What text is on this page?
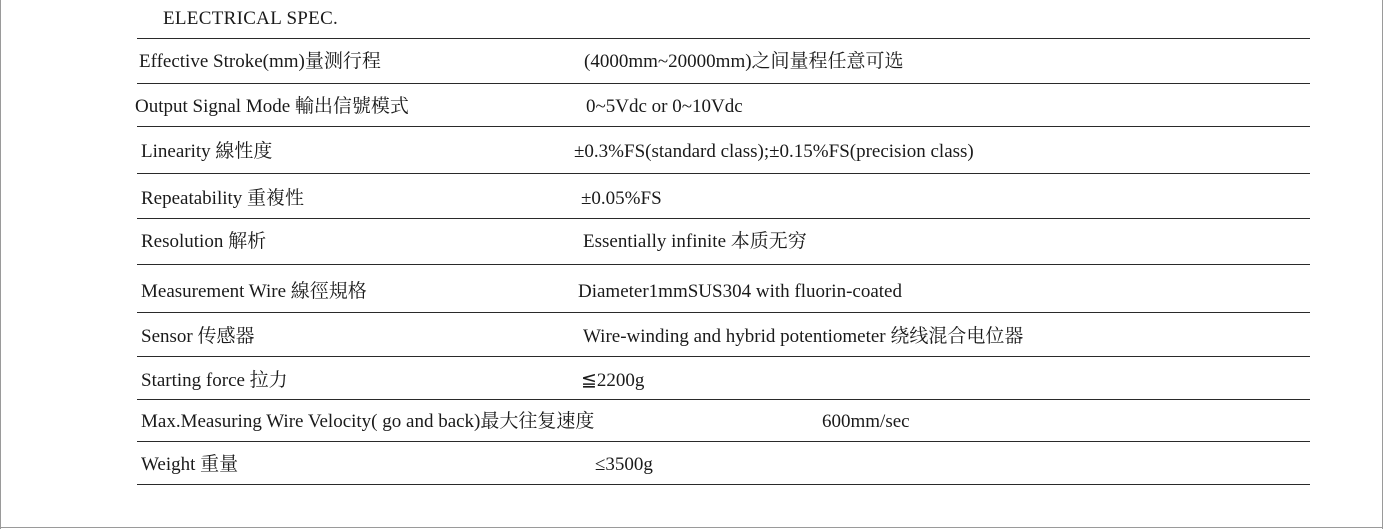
ELECTRICAL SPEC.
Effective Stroke(mm)量测行程	(4000mm~20000mm)之间量程任意可选
Output Signal Mode 輸出信號模式	0~5Vdc or 0~10Vdc
Linearity 線性度	±0.3%FS(standard class);±0.15%FS(precision class)
Repeatability 重複性	±0.05%FS
Resolution 解析	Essentially infinite 本质无穷
Measurement Wire 線徑規格	Diameter1mmSUS304 with fluorin-coated
Sensor 传感器	Wire-winding and hybrid potentiometer 绕线混合电位器
Starting force 拉力	≦2200g
Max.Measuring Wire Velocity( go and back)最大往复速度	600mm/sec
Weight 重量	≤3500g
